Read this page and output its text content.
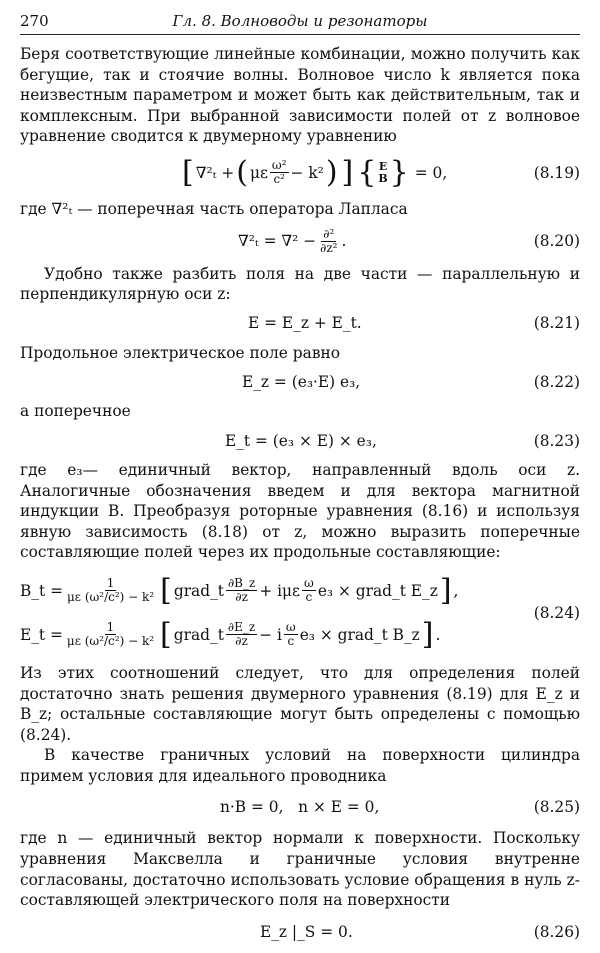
270	Гл. 8. Волноводы и резонаторы

Беря соответствующие линейные комбинации, можно получить как бегущие, так и стоячие волны. Волновое число k является пока неизвестным параметром и может быть как действительным, так и комплексным. При выбранной зависимости полей от z волновое уравнение сводится к двумерному уравнению

[ ∇²ₜ + ( με $\frac{\text{ω²}}{\text{c²}} - k^2$ ) ] { E
B } = 0,	(8.19)

где ∇²ₜ — поперечная часть оператора Лапласа

$\nabla^2_t = \nabla^2 - \frac{\text{∂²}}{\text{∂z²}}$ .	(8.20)

Удобно также разбить поля на две части — параллельную и перпендикулярную оси z:

E = E_z + E_t.	(8.21)

Продольное электрическое поле равно

E_z = (e₃·E) e₃,	(8.22)

а поперечное

E_t = (e₃ × E) × e₃,	(8.23)

где e₃— единичный вектор, направленный вдоль оси z. Аналогичные обозначения введем и для вектора магнитной индукции B. Преобразуя роторные уравнения (8.16) и используя явную зависимость (8.18) от z, можно выразить поперечные составляющие полей через их продольные составляющие:

B_t = $\frac{1}{\text{με (ω²/c²) − k²}}$ [ grad_t $\frac{\partial B\_z}{\partial z} + i\mu\varepsilon \frac{\omega}{c} e_3$ × grad_t E_z ] ,
E_t = $\frac{1}{\text{με (ω²/c²) − k²}}$ [ grad_t $\frac{\partial E\_z}{\partial z} - i \frac{\omega}{c} e_3$ × grad_t B_z ] .
(8.24)

Из этих соотношений следует, что для определения полей достаточно знать решения двумерного уравнения (8.19) для E_z и B_z; остальные составляющие могут быть определены с помощью (8.24).

В качестве граничных условий на поверхности цилиндра примем условия для идеального проводника

n·B = 0,   n × E = 0,	(8.25)

где n — единичный вектор нормали к поверхности. Поскольку уравнения Максвелла и граничные условия внутренне согласованы, достаточно использовать условие обращения в нуль z-составляющей электрического поля на поверхности

E_z |_S = 0.	(8.26)
